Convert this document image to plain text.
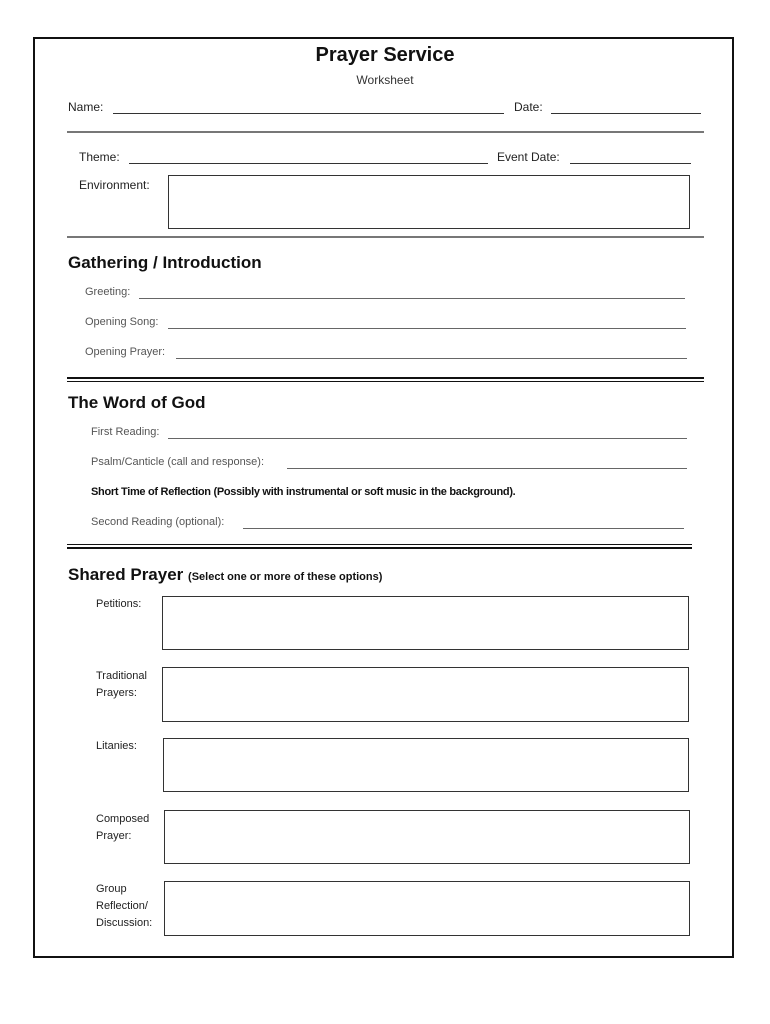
Prayer Service
Worksheet
Name:	Date:
Theme:	Event Date:
Environment:
Gathering / Introduction
Greeting:
Opening Song:
Opening Prayer:
The Word of God
First Reading:
Psalm/Canticle (call and response):
Short Time of Reflection (Possibly with instrumental or soft music in the background).
Second Reading (optional):
Shared Prayer (Select one or more of these options)
Petitions:
Traditional
Prayers:
Litanies:
Composed
Prayer:
Group
Reflection/
Discussion:
